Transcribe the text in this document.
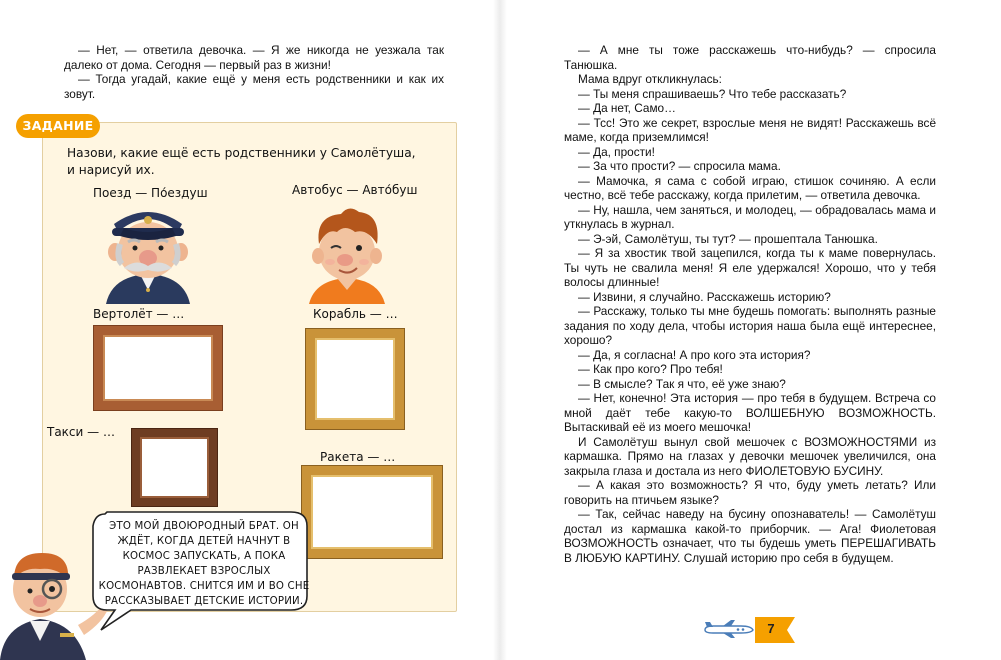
— Нет, — ответила девочка. — Я же никогда не уезжала так далеко от дома. Сегодня — первый раз в жизни!

— Тогда угадай, какие ещё у меня есть родственники и как их зовут.

ЗАДАНИЕ
Назови, какие ещё есть родственники у Самолётуша,
и нарисуй их.
Поезд — По́ездуш	Автобус — Авто́буш
Вертолёт — …	Корабль — …
Такси — …
Ракета — …
ЭТО МОЙ ДВОЮРОДНЫЙ БРАТ. ОН ЖДЁТ, КОГДА ДЕТЕЙ НАЧНУТ В КОСМОС ЗАПУСКАТЬ, А ПОКА РАЗВЛЕКАЕТ ВЗРОСЛЫХ КОСМОНАВТОВ. СНИТСЯ ИМ И ВО СНЕ РАССКАЗЫВАЕТ ДЕТСКИЕ ИСТОРИИ.

— А мне ты тоже расскажешь что-нибудь? — спросила Танюшка.

Мама вдруг откликнулась:

— Ты меня спрашиваешь? Что тебе рассказать?

— Да нет, Само…

— Тсс! Это же секрет, взрослые меня не видят! Расскажешь всё маме, когда приземлимся!

— Да, прости!

— За что прости? — спросила мама.

— Мамочка, я сама с собой играю, стишок сочиняю. А если честно, всё тебе расскажу, когда прилетим, — ответила девочка.

— Ну, нашла, чем заняться, и молодец, — обрадовалась мама и уткнулась в журнал.

— Э-эй, Самолётуш, ты тут? — прошептала Танюшка.

— Я за хвостик твой зацепился, когда ты к маме повернулась. Ты чуть не свалила меня! Я еле удержался! Хорошо, что у тебя волосы длинные!

— Извини, я случайно. Расскажешь историю?

— Расскажу, только ты мне будешь помогать: выполнять разные задания по ходу дела, чтобы история наша была ещё интереснее, хорошо?

— Да, я согласна! А про кого эта история?

— Как про кого? Про тебя!

— В смысле? Так я что, её уже знаю?

— Нет, конечно! Эта история — про тебя в будущем. Встреча со мной даёт тебе какую-то ВОЛШЕБНУЮ ВОЗМОЖНОСТЬ. Вытаскивай её из моего мешочка!

И Самолётуш вынул свой мешочек с ВОЗМОЖНОСТЯМИ из кармашка. Прямо на глазах у девочки мешочек увеличился, она закрыла глаза и достала из него ФИОЛЕТОВУЮ БУСИНУ.

— А какая это возможность? Я что, буду уметь летать? Или говорить на птичьем языке?

— Так, сейчас наведу на бусину опознаватель! — Самолётуш достал из кармашка какой-то приборчик. — Ага! Фиолетовая ВОЗМОЖНОСТЬ означает, что ты будешь уметь ПЕРЕШАГИВАТЬ В ЛЮБУЮ КАРТИНУ. Слушай историю про себя в будущем.

7
